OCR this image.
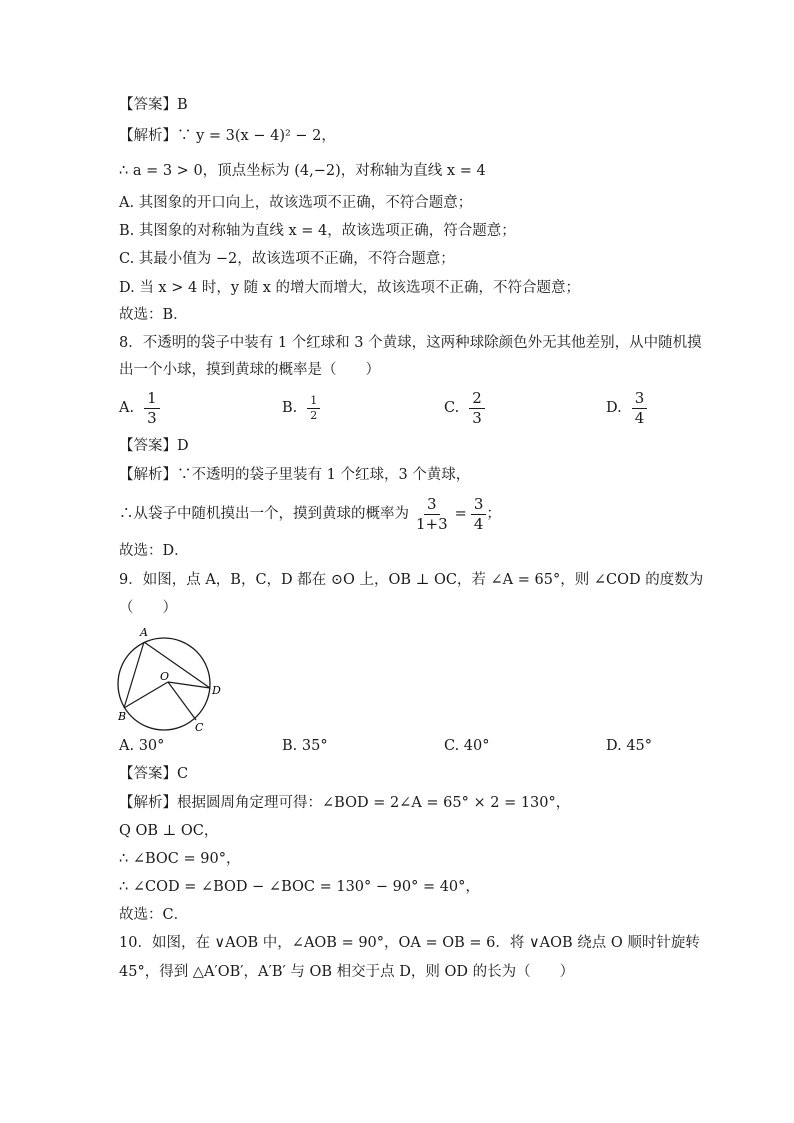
【答案】B
【解析】∵ y = 3(x − 4)² − 2，
∴ a = 3 > 0，顶点坐标为 (4,−2)，对称轴为直线 x = 4
A. 其图象的开口向上，故该选项不正确，不符合题意；
B. 其图象的对称轴为直线 x = 4，故该选项正确，符合题意；
C. 其最小值为 −2，故该选项不正确，不符合题意；
D. 当 x > 4 时，y 随 x 的增大而增大，故该选项不正确，不符合题意；
故选：B．
8．不透明的袋子中装有 1 个红球和 3 个黄球，这两种球除颜色外无其他差别，从中随机摸
出一个小球，摸到黄球的概率是（　　）
A. $\frac{1}{3}$	B. $\frac{1}{2}$	C. $\frac{2}{3}$	D. $\frac{3}{4}$
【答案】D
【解析】∵不透明的袋子里装有 1 个红球，3 个黄球，
∴从袋子中随机摸出一个，摸到黄球的概率为 $\frac{3}{1+3} = \frac{3}{4}$ ；
故选：D．
9．如图，点 A，B，C，D 都在 ⊙O 上，OB ⊥ OC，若 ∠A = 65°，则 ∠COD 的度数为
（　　）
A
O
D
B
C
A. 30°	B. 35°	C. 40°	D. 45°
【答案】C
【解析】根据圆周角定理可得：∠BOD = 2∠A = 65° × 2 = 130°，
Q OB ⊥ OC，
∴ ∠BOC = 90°，
∴ ∠COD = ∠BOD − ∠BOC = 130° − 90° = 40°，
故选：C．
10．如图，在 ∨AOB 中，∠AOB = 90°，OA = OB = 6．将 ∨AOB 绕点 O 顺时针旋转
45°，得到 △A′OB′，A′B′ 与 OB 相交于点 D，则 OD 的长为（　　）
